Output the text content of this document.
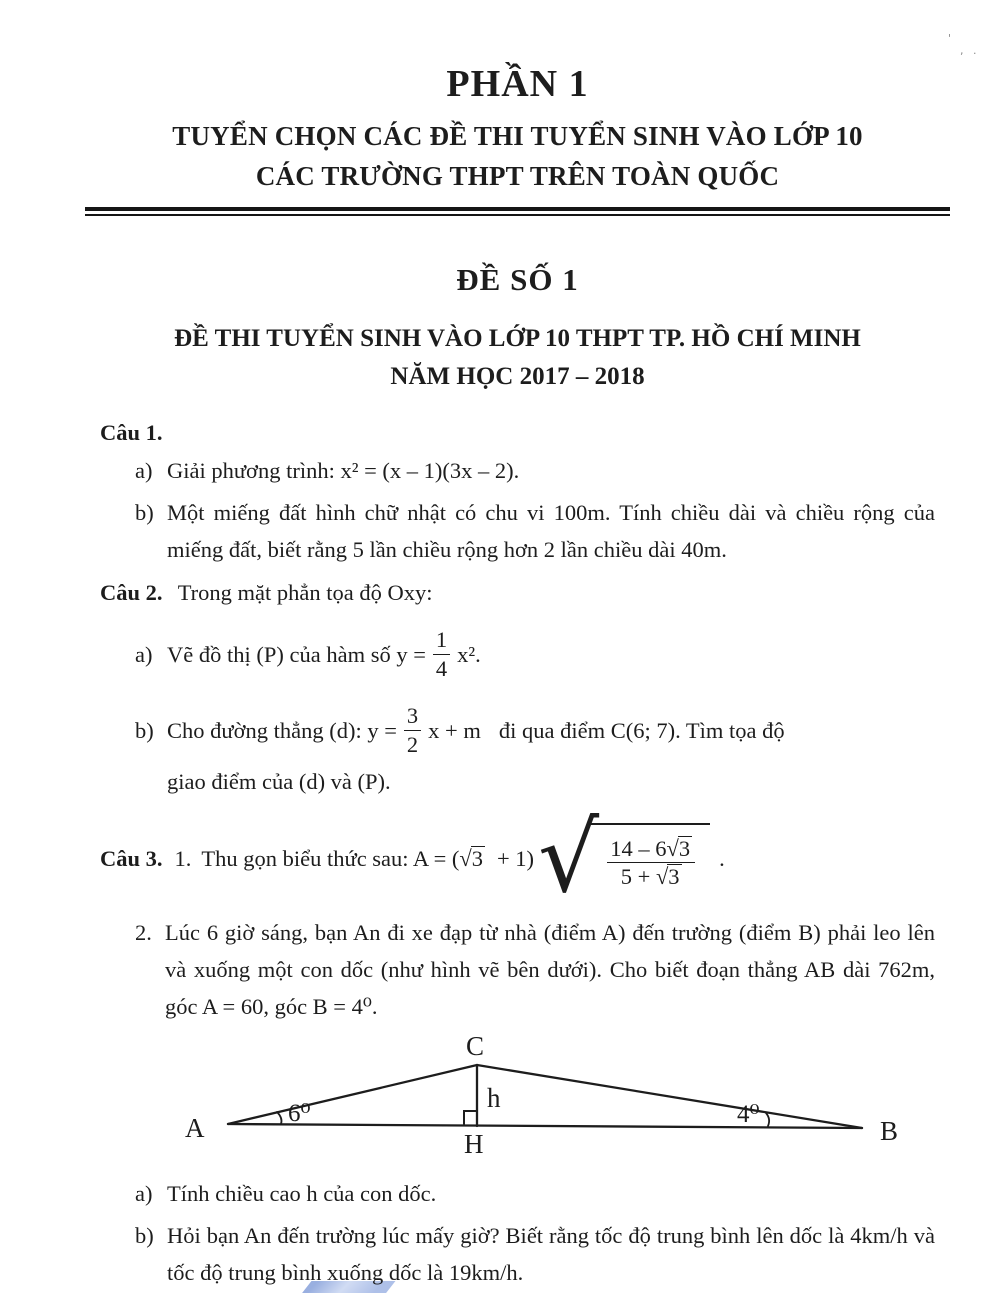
'
, .
PHẦN 1
TUYỂN CHỌN CÁC ĐỀ THI TUYỂN SINH VÀO LỚP 10
CÁC TRƯỜNG THPT TRÊN TOÀN QUỐC
ĐỀ SỐ 1
ĐỀ THI TUYỂN SINH VÀO LỚP 10 THPT TP. HỒ CHÍ MINH
NĂM HỌC 2017 – 2018
Câu 1.
a) Giải phương trình: x² = (x – 1)(3x – 2).
b) Một miếng đất hình chữ nhật có chu vi 100m. Tính chiều dài và chiều rộng của miếng đất, biết rằng 5 lần chiều rộng hơn 2 lần chiều dài 40m.
Câu 2. Trong mặt phẳn tọa độ Oxy:
a) Vẽ đồ thị (P) của hàm số $y = \frac{1}{4} x^2$.
b) Cho đường thẳng (d): $y = \frac{3}{2}$ x + m đi qua điểm C(6; 7). Tìm tọa độ
giao điểm của (d) và (P).
Câu 3. 1. Thu gọn biểu thức sau: A = ( √3 + 1) √ $\frac{14 - 6√3}{5 + √3}$ .
2. Lúc 6 giờ sáng, bạn An đi xe đạp từ nhà (điểm A) đến trường (điểm B) phải leo lên và xuống một con dốc (như hình vẽ bên dưới). Cho biết đoạn thẳng AB dài 762m, góc A = 60, góc B = 4⁰.
A	B
C
H
h
6⁰	4⁰
a) Tính chiều cao h của con dốc.
b) Hỏi bạn An đến trường lúc mấy giờ? Biết rằng tốc độ trung bình lên dốc là 4km/h và tốc độ trung bình xuống dốc là 19km/h.
